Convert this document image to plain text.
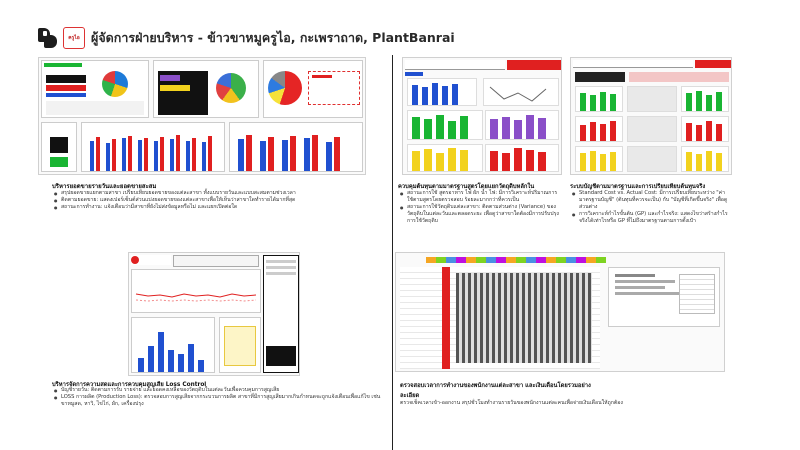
ครูไอ ผู้จัดการฝ่ายบริหาร - ข้าวขาหมูครูไอ, กะเพราถาด, PlantBanrai
บริหารยอดขายรายวันและยอดขายสะสม
● สรุปยอดขายแยกตามสาขา เปรียบเทียบยอดขายของแต่ละสาขา ทั้งแบบรายวันและแบบสะสมตามช่วงเวลา
● ติดตามยอดขาย: แสดงเปอร์เซ็นต์ส่วนแบ่งยอดขายของแต่ละสาขาเพื่อให้เห็นว่าสาขาใดทำรายได้มากที่สุด
● สถานะการทำงาน: แจ้งเตือนว่ามีสาขาที่ยังไม่ส่งข้อมูลหรือไม่ และแยกเปิดต่อใด
ควบคุมต้นทุนตามมาตรฐานสูตรโดยแยกวัตถุดิบหลักใน
● สถานะการใช้ สูตรอาหาร ไฟ ผัก น้ำ ไฟ: มีการวิเคราะห์ปริมาณการใช้ตามสูตรโดยตรวจสอบ ร้อยละมากกว่าที่ควรเป็น
● สถานะการใช้วัตถุดิบแต่ละสาขา: ติดตามส่วนต่าง (Variance) ของวัตถุดิบในแต่ละวันและตลอดระยะ เพื่อดูว่าสาขาใดต้องมีการปรับปรุงการใช้วัตถุดิบ
ระบบบัญชีตามมาตรฐานและการเปรียบเทียบต้นทุนจริง
● Standard Cost vs. Actual Cost: มีการเปรียบเทียบระหว่าง "ค่ามาตรฐานบัญชี" (ต้นทุนที่ควรจะเป็น) กับ "บัญชีที่เกิดขึ้นจริง" เพื่อดูส่วนต่าง
● การวิเคราะห์กำไรขั้นต้น (GP) และกำไรจริง: แสดงไขว่าสร้างกำไรจริงได้เท่าไรหรือ GP ที่ไม่ถึงมาตรฐานตามการตั้งเป้า
บริหารจัดการความสดและการควบคุมสูญเสีย Loss Control
● บัญชีรายวัน: ติดตามการรับ รายจ่าย และยอดคงเหลือของวัตถุดิบในแต่ละวันเพื่อควบคุมการสูญเสีย
● LOSS การผลิต (Production Loss): ตรวจสอบการสูญเสียจากกระบวนการผลิต สาขาที่มีการสูญเสียมากเกินกำหนดจะถูกแจ้งเตือนเพื่อแก้ไข เช่น ขาหมูสด, หาวิ, ไข่ไก่, ผัก, เครื่องปรุง
ตรวจสอบเวลาการทำงานของพนักงานแต่ละสาขา และเงินเดือนโดยรวมอย่างละเอียด
ตรวจเช็คเวลาเข้า-ออกงาน สรุปชั่วโมงทำงานรายวันของพนักงานแต่ละคนเพื่อจ่ายเงินเดือนให้ถูกต้อง
